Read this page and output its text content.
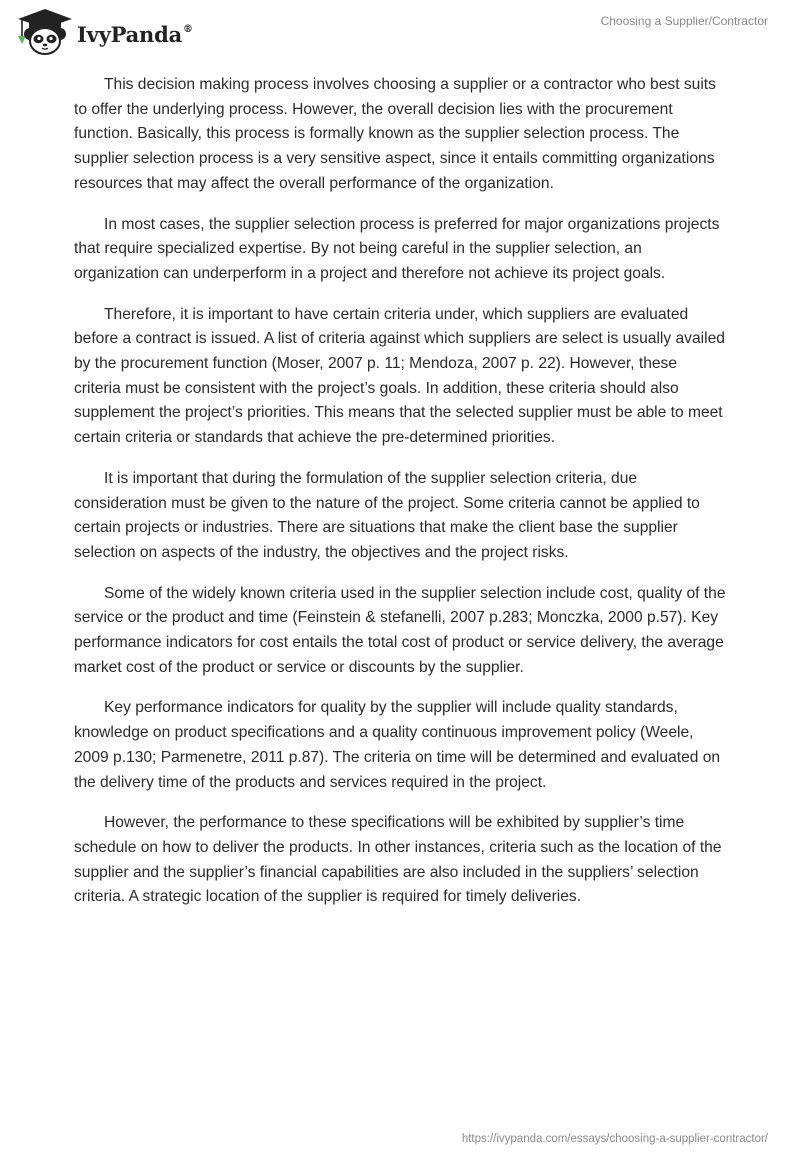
IvyPanda®
Choosing a Supplier/Contractor

This decision making process involves choosing a supplier or a contractor who best suits to offer the underlying process. However, the overall decision lies with the procurement function. Basically, this process is formally known as the supplier selection process. The supplier selection process is a very sensitive aspect, since it entails committing organizations resources that may affect the overall performance of the organization.

In most cases, the supplier selection process is preferred for major organizations projects that require specialized expertise. By not being careful in the supplier selection, an organization can underperform in a project and therefore not achieve its project goals.

Therefore, it is important to have certain criteria under, which suppliers are evaluated before a contract is issued. A list of criteria against which suppliers are select is usually availed by the procurement function (Moser, 2007 p. 11; Mendoza, 2007 p. 22). However, these criteria must be consistent with the project’s goals. In addition, these criteria should also supplement the project’s priorities. This means that the selected supplier must be able to meet certain criteria or standards that achieve the pre-determined priorities.

It is important that during the formulation of the supplier selection criteria, due consideration must be given to the nature of the project. Some criteria cannot be applied to certain projects or industries. There are situations that make the client base the supplier selection on aspects of the industry, the objectives and the project risks.

Some of the widely known criteria used in the supplier selection include cost, quality of the service or the product and time (Feinstein & stefanelli, 2007 p.283; Monczka, 2000 p.57). Key performance indicators for cost entails the total cost of product or service delivery, the average market cost of the product or service or discounts by the supplier.

Key performance indicators for quality by the supplier will include quality standards, knowledge on product specifications and a quality continuous improvement policy (Weele, 2009 p.130; Parmenetre, 2011 p.87). The criteria on time will be determined and evaluated on the delivery time of the products and services required in the project.

However, the performance to these specifications will be exhibited by supplier’s time schedule on how to deliver the products. In other instances, criteria such as the location of the supplier and the supplier’s financial capabilities are also included in the suppliers’ selection criteria. A strategic location of the supplier is required for timely deliveries.

https://ivypanda.com/essays/choosing-a-supplier-contractor/
